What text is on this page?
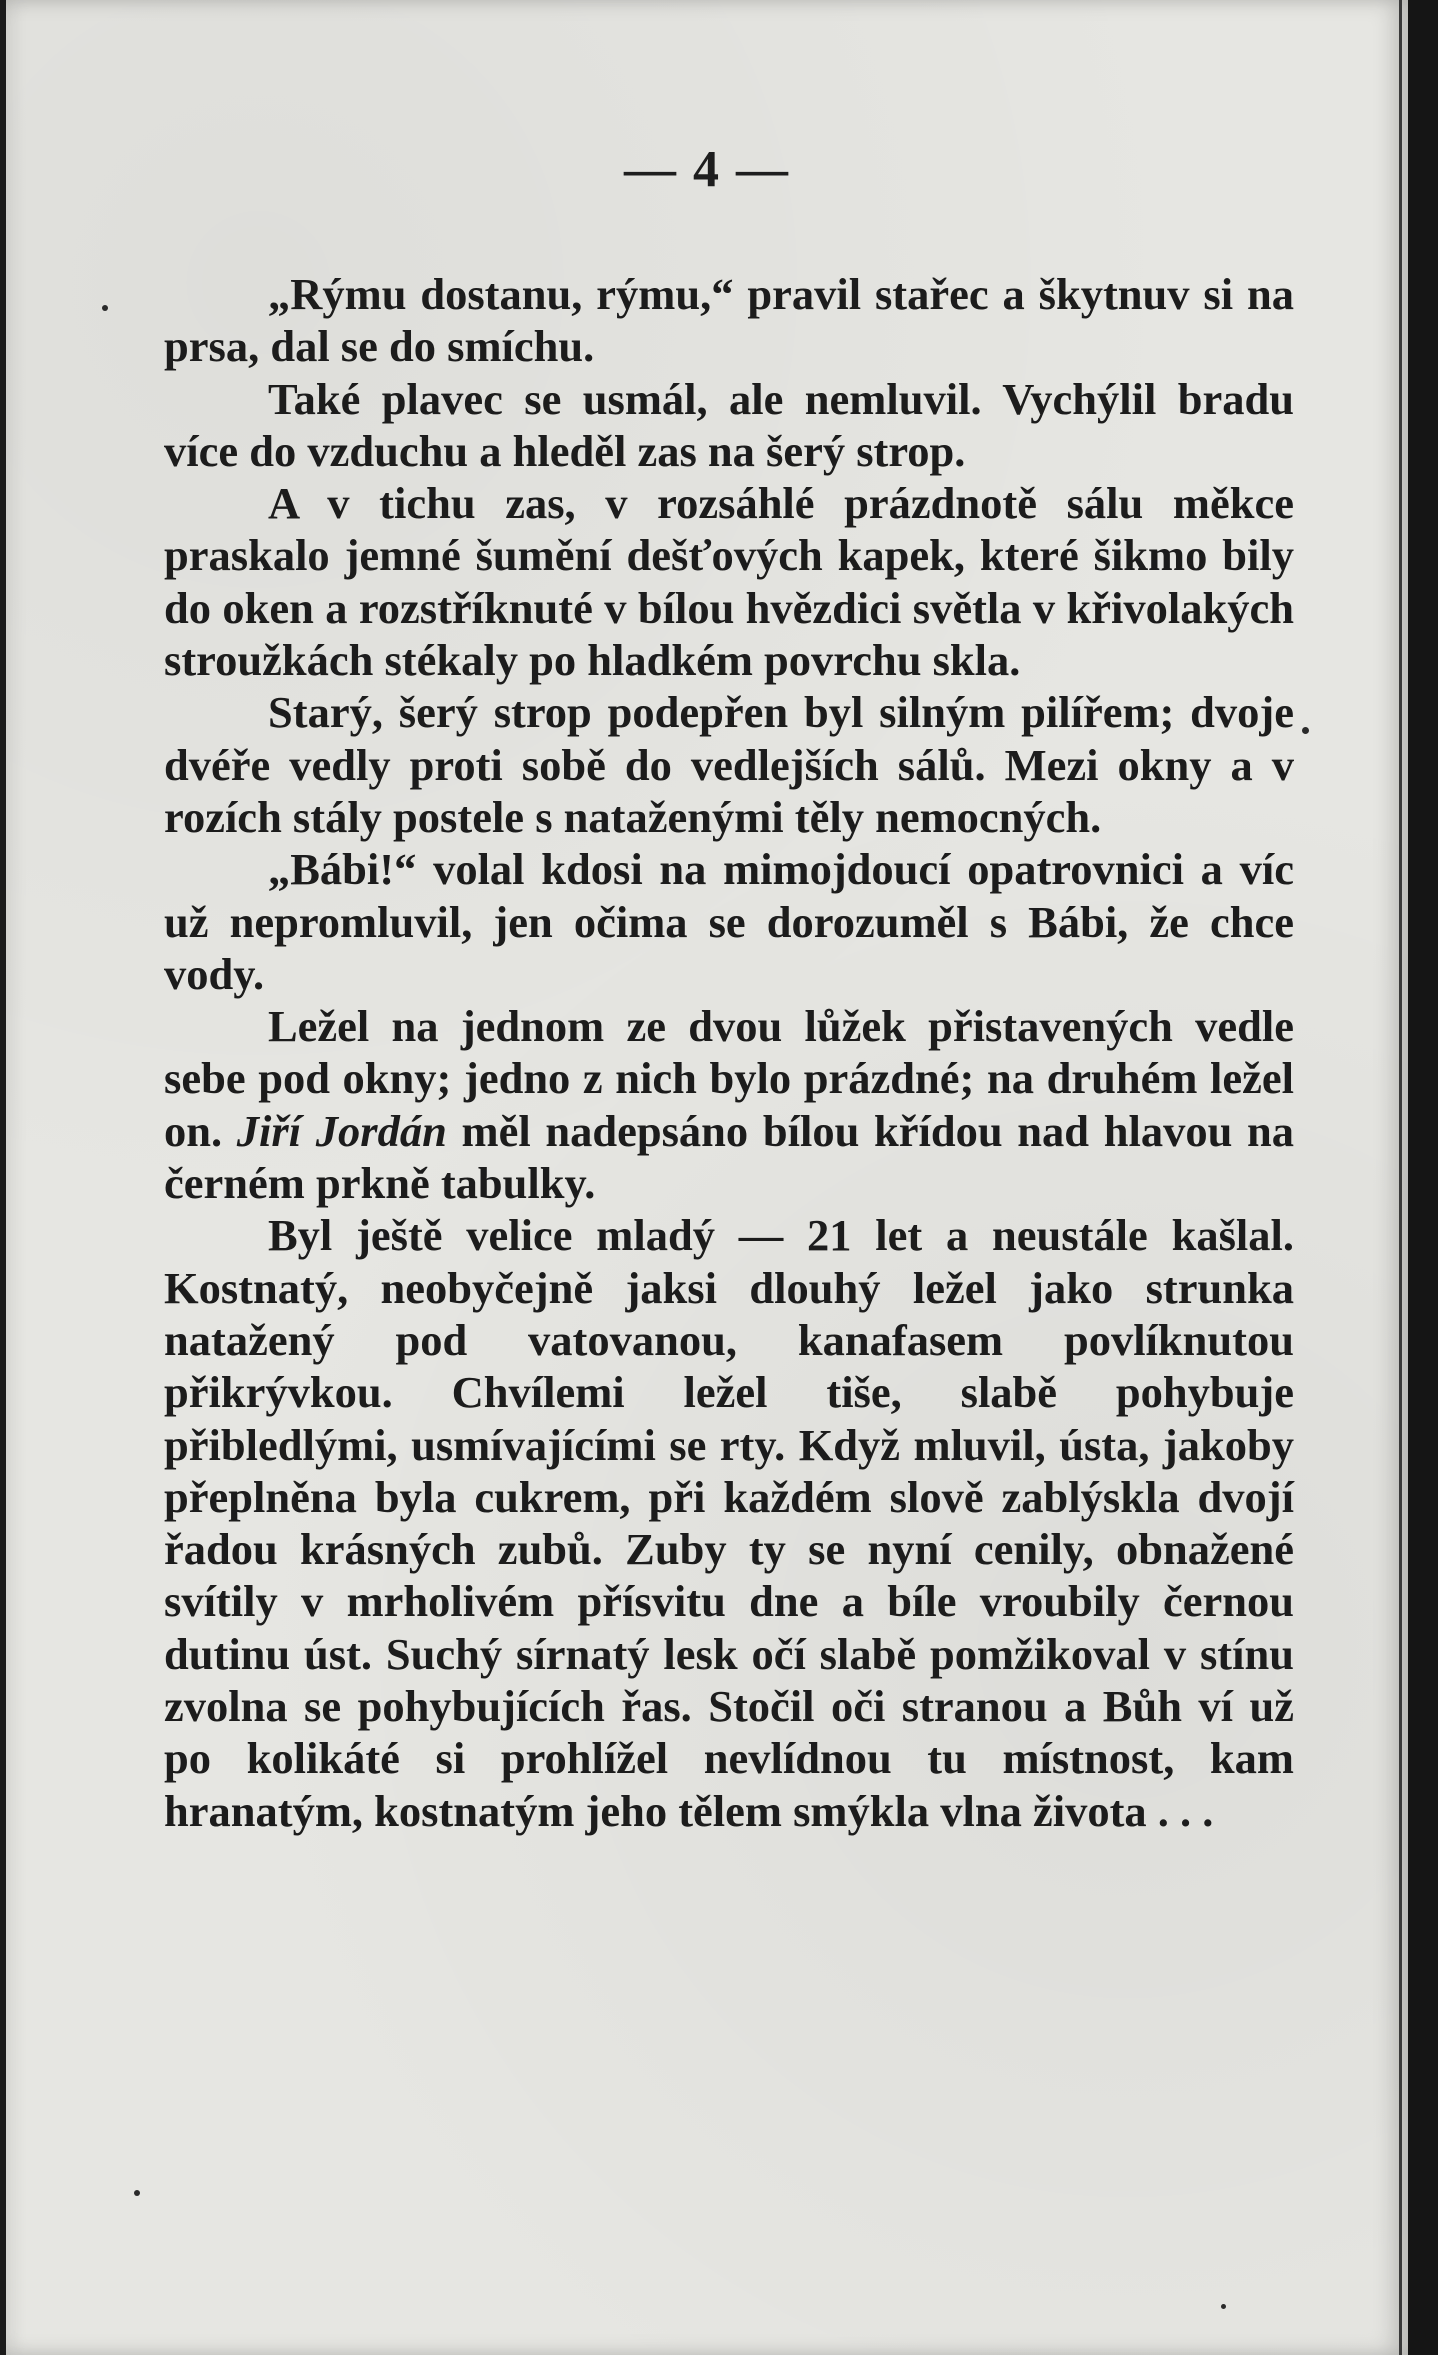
— 4 —

„Rýmu dostanu, rýmu,“ pravil stařec a škytnuv si na prsa, dal se do smíchu.

Také plavec se usmál, ale nemluvil. Vychýlil bradu více do vzduchu a hleděl zas na šerý strop.

A v tichu zas, v rozsáhlé prázdnotě sálu měkce praskalo jemné šumění dešťových kapek, které šikmo bily do oken a rozstříknuté v bílou hvězdici světla v křivolakých stroužkách stékaly po hladkém povrchu skla.

Starý, šerý strop podepřen byl silným pilířem; dvoje dvéře vedly proti sobě do vedlejších sálů. Mezi okny a v rozích stály postele s nataženými těly nemocných.

„Bábi!“ volal kdosi na mimojdoucí opatrovnici a víc už nepromluvil, jen očima se dorozuměl s Bábi, že chce vody.

Ležel na jednom ze dvou lůžek přistavených vedle sebe pod okny; jedno z nich bylo prázdné; na druhém ležel on. Jiří Jordán měl nadepsáno bílou křídou nad hlavou na černém prkně tabulky.

Byl ještě velice mladý — 21 let a neustále kašlal. Kostnatý, neobyčejně jaksi dlouhý ležel jako strunka natažený pod vatovanou, kanafasem povlíknutou přikrývkou. Chvílemi ležel tiše, slabě pohybuje přibledlými, usmívajícími se rty. Když mluvil, ústa, jakoby přeplněna byla cukrem, při každém slově zablýskla dvojí řadou krásných zubů. Zuby ty se nyní cenily, obnažené svítily v mrholivém přísvitu dne a bíle vroubily černou dutinu úst. Suchý sírnatý lesk očí slabě pomžikoval v stínu zvolna se pohybujících řas. Stočil oči stranou a Bůh ví už po kolikáté si prohlížel nevlídnou tu místnost, kam hranatým, kostnatým jeho tělem smýkla vlna života . . .
